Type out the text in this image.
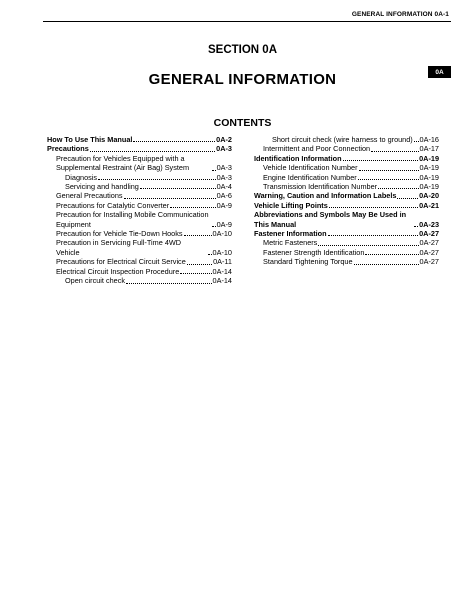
GENERAL INFORMATION 0A-1
0A
SECTION 0A
GENERAL INFORMATION
CONTENTS
How To Use This Manual	0A-2
Precautions	0A-3
Precaution for Vehicles Equipped with a Supplemental Restraint (Air Bag) System	0A-3
Diagnosis	0A-3
Servicing and handling	0A-4
General Precautions	0A-6
Precautions for Catalytic Converter	0A-9
Precaution for Installing Mobile Communication Equipment	0A-9
Precaution for Vehicle Tie-Down Hooks	0A-10
Precaution in Servicing Full-Time 4WD Vehicle	0A-10
Precautions for Electrical Circuit Service	0A-11
Electrical Circuit Inspection Procedure	0A-14
Open circuit check	0A-14
Short circuit check (wire harness to ground) 0A-16
Intermittent and Poor Connection	0A-17
Identification Information	0A-19
Vehicle Identification Number	0A-19
Engine Identification Number	0A-19
Transmission Identification Number	0A-19
Warning, Caution and Information Labels	0A-20
Vehicle Lifting Points	0A-21
Abbreviations and Symbols May Be Used in This Manual	0A-23
Fastener Information	0A-27
Metric Fasteners	0A-27
Fastener Strength Identification	0A-27
Standard Tightening Torque	0A-27
